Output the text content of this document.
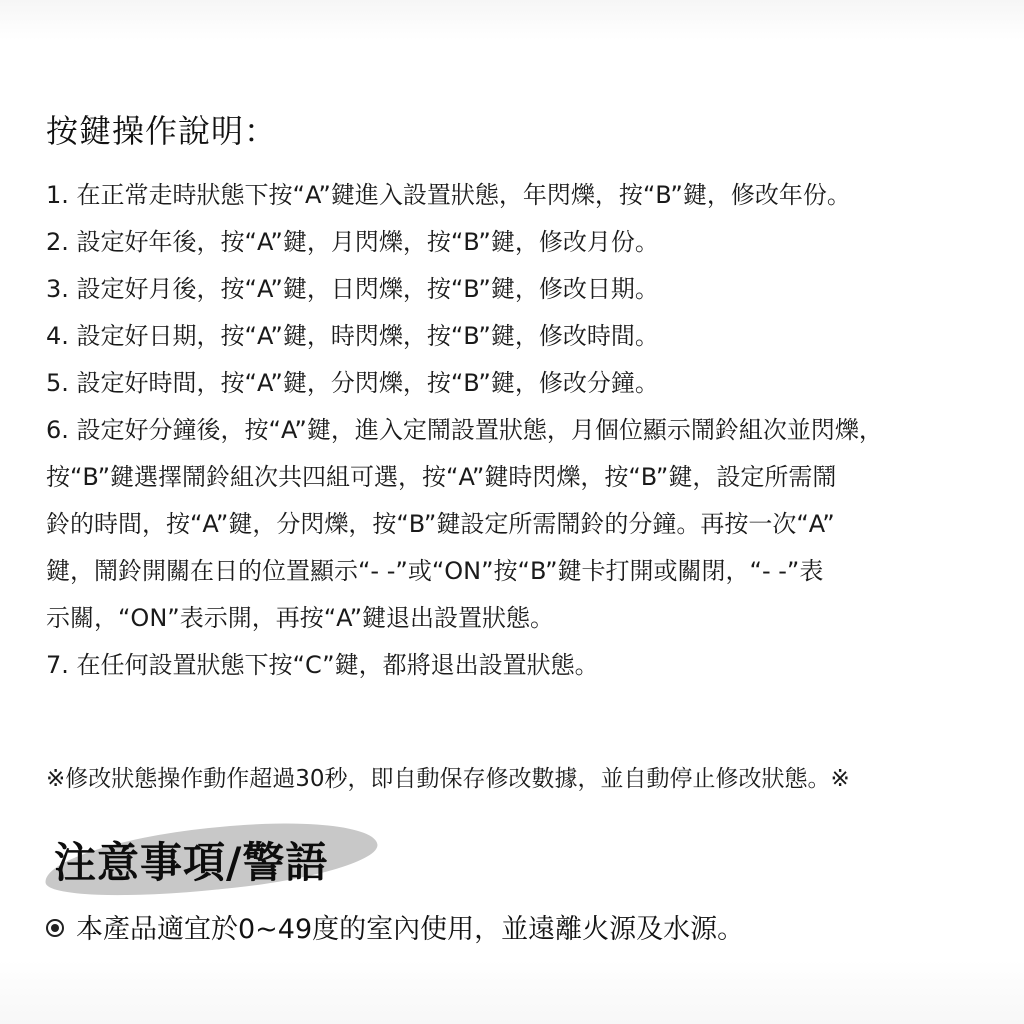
按鍵操作說明：
1. 在正常走時狀態下按“A”鍵進入設置狀態，年閃爍，按“B”鍵，修改年份。
2. 設定好年後，按“A”鍵，月閃爍，按“B”鍵，修改月份。
3. 設定好月後，按“A”鍵，日閃爍，按“B”鍵，修改日期。
4. 設定好日期，按“A”鍵，時閃爍，按“B”鍵，修改時間。
5. 設定好時間，按“A”鍵，分閃爍，按“B”鍵，修改分鐘。
6. 設定好分鐘後，按“A”鍵，進入定鬧設置狀態，月個位顯示鬧鈴組次並閃爍，
按“B”鍵選擇鬧鈴組次共四組可選，按“A”鍵時閃爍，按“B”鍵，設定所需鬧
鈴的時間，按“A”鍵，分閃爍，按“B”鍵設定所需鬧鈴的分鐘。再按一次“A”
鍵，鬧鈴開關在日的位置顯示“- -”或“ON”按“B”鍵卡打開或關閉，“- -”表
示關，“ON”表示開，再按“A”鍵退出設置狀態。
7. 在任何設置狀態下按“C”鍵，都將退出設置狀態。
※修改狀態操作動作超過30秒，即自動保存修改數據，並自動停止修改狀態。※
注意事項/警語
本產品適宜於0~49度的室內使用，並遠離火源及水源。
